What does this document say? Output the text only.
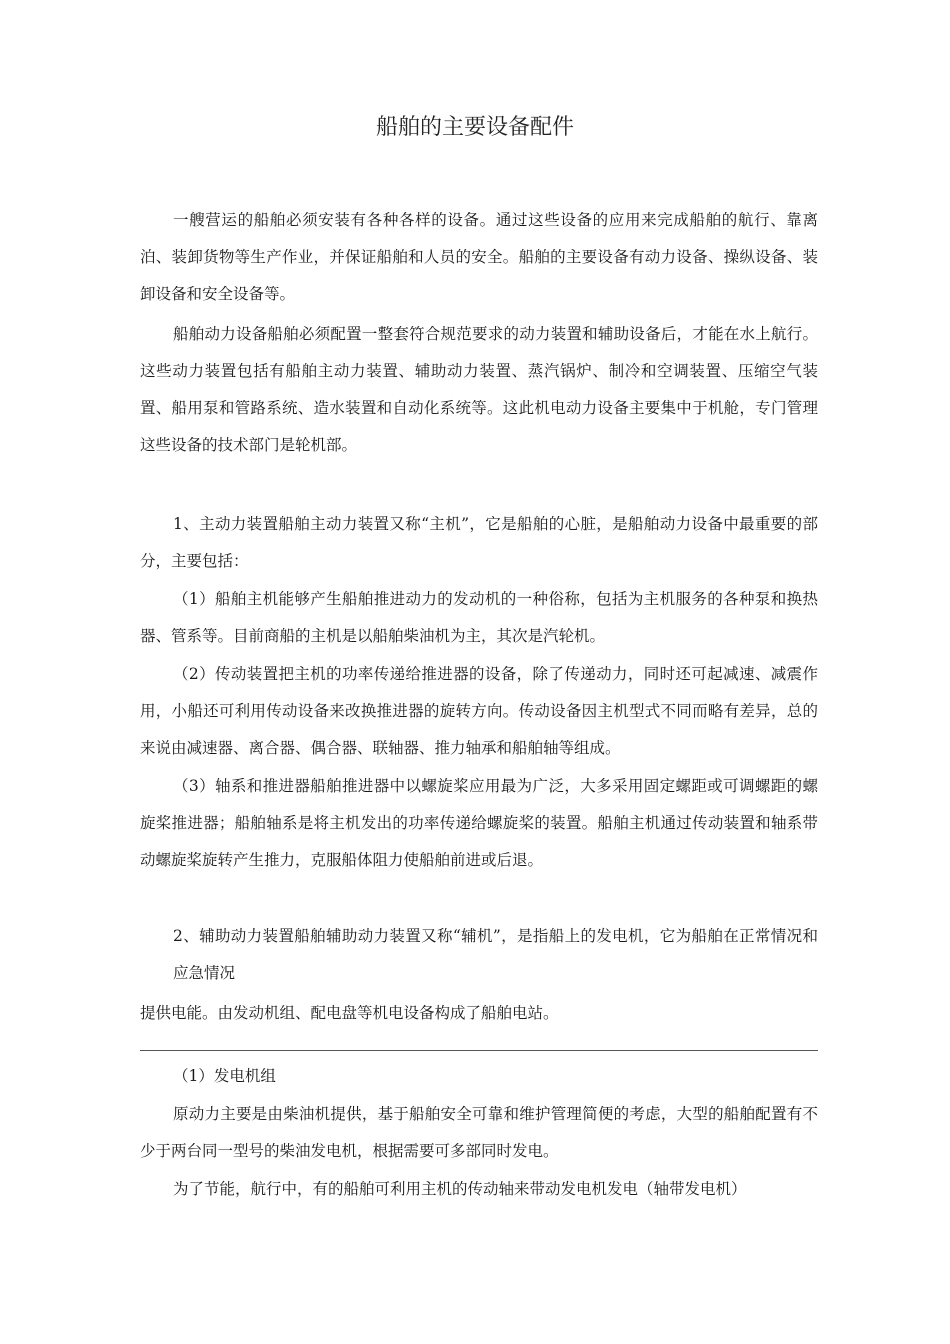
船舶的主要设备配件

一艘营运的船舶必须安装有各种各样的设备。通过这些设备的应用来完成船舶的航行、靠离泊、装卸货物等生产作业，并保证船舶和人员的安全。船舶的主要设备有动力设备、操纵设备、装卸设备和安全设备等。

船舶动力设备船舶必须配置一整套符合规范要求的动力装置和辅助设备后，才能在水上航行。这些动力装置包括有船舶主动力装置、辅助动力装置、蒸汽锅炉、制冷和空调装置、压缩空气装置、船用泵和管路系统、造水装置和自动化系统等。这此机电动力设备主要集中于机舱，专门管理这些设备的技术部门是轮机部。

1、主动力装置船舶主动力装置又称“主机”，它是船舶的心脏，是船舶动力设备中最重要的部分，主要包括：

（1）船舶主机能够产生船舶推进动力的发动机的一种俗称，包括为主机服务的各种泵和换热器、管系等。目前商船的主机是以船舶柴油机为主，其次是汽轮机。

（2）传动装置把主机的功率传递给推进器的设备，除了传递动力，同时还可起减速、减震作用，小船还可利用传动设备来改换推进器的旋转方向。传动设备因主机型式不同而略有差异，总的来说由减速器、离合器、偶合器、联轴器、推力轴承和船舶轴等组成。

（3）轴系和推进器船舶推进器中以螺旋桨应用最为广泛，大多采用固定螺距或可调螺距的螺旋桨推进器；船舶轴系是将主机发出的功率传递给螺旋桨的装置。船舶主机通过传动装置和轴系带动螺旋桨旋转产生推力，克服船体阻力使船舶前进或后退。

2、辅助动力装置船舶辅助动力装置又称“辅机”，是指船上的发电机，它为船舶在正常情况和应急情况

提供电能。由发动机组、配电盘等机电设备构成了船舶电站。

（1）发电机组

原动力主要是由柴油机提供，基于船舶安全可靠和维护管理简便的考虑，大型的船舶配置有不少于两台同一型号的柴油发电机，根据需要可多部同时发电。

为了节能，航行中，有的船舶可利用主机的传动轴来带动发电机发电（轴带发电机）
